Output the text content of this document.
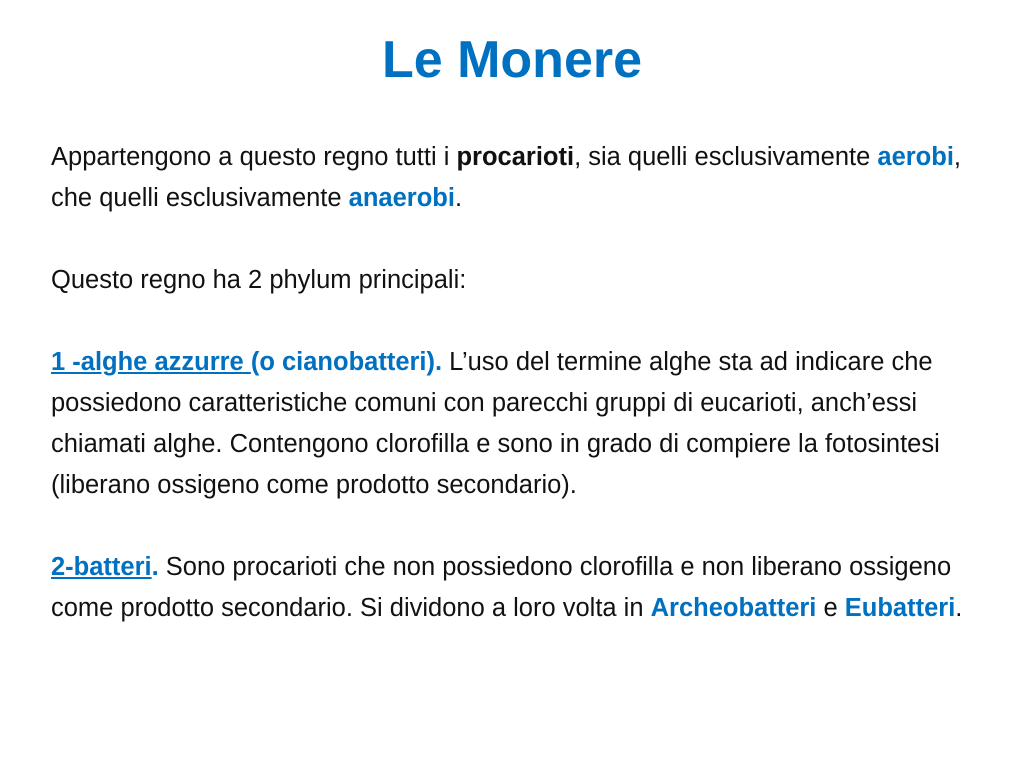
Le Monere

Appartengono a questo regno tutti i procarioti, sia quelli esclusivamente aerobi, che quelli esclusivamente anaerobi.

Questo regno ha 2 phylum principali:

1 -alghe azzurre (o cianobatteri). L’uso del termine alghe sta ad indicare che possiedono caratteristiche comuni con parecchi gruppi di eucarioti, anch’essi chiamati alghe. Contengono clorofilla e sono in grado di compiere la fotosintesi (liberano ossigeno come prodotto secondario).

2-batteri. Sono procarioti che non possiedono clorofilla e non liberano ossigeno come prodotto secondario. Si dividono a loro volta in Archeobatteri e Eubatteri.
